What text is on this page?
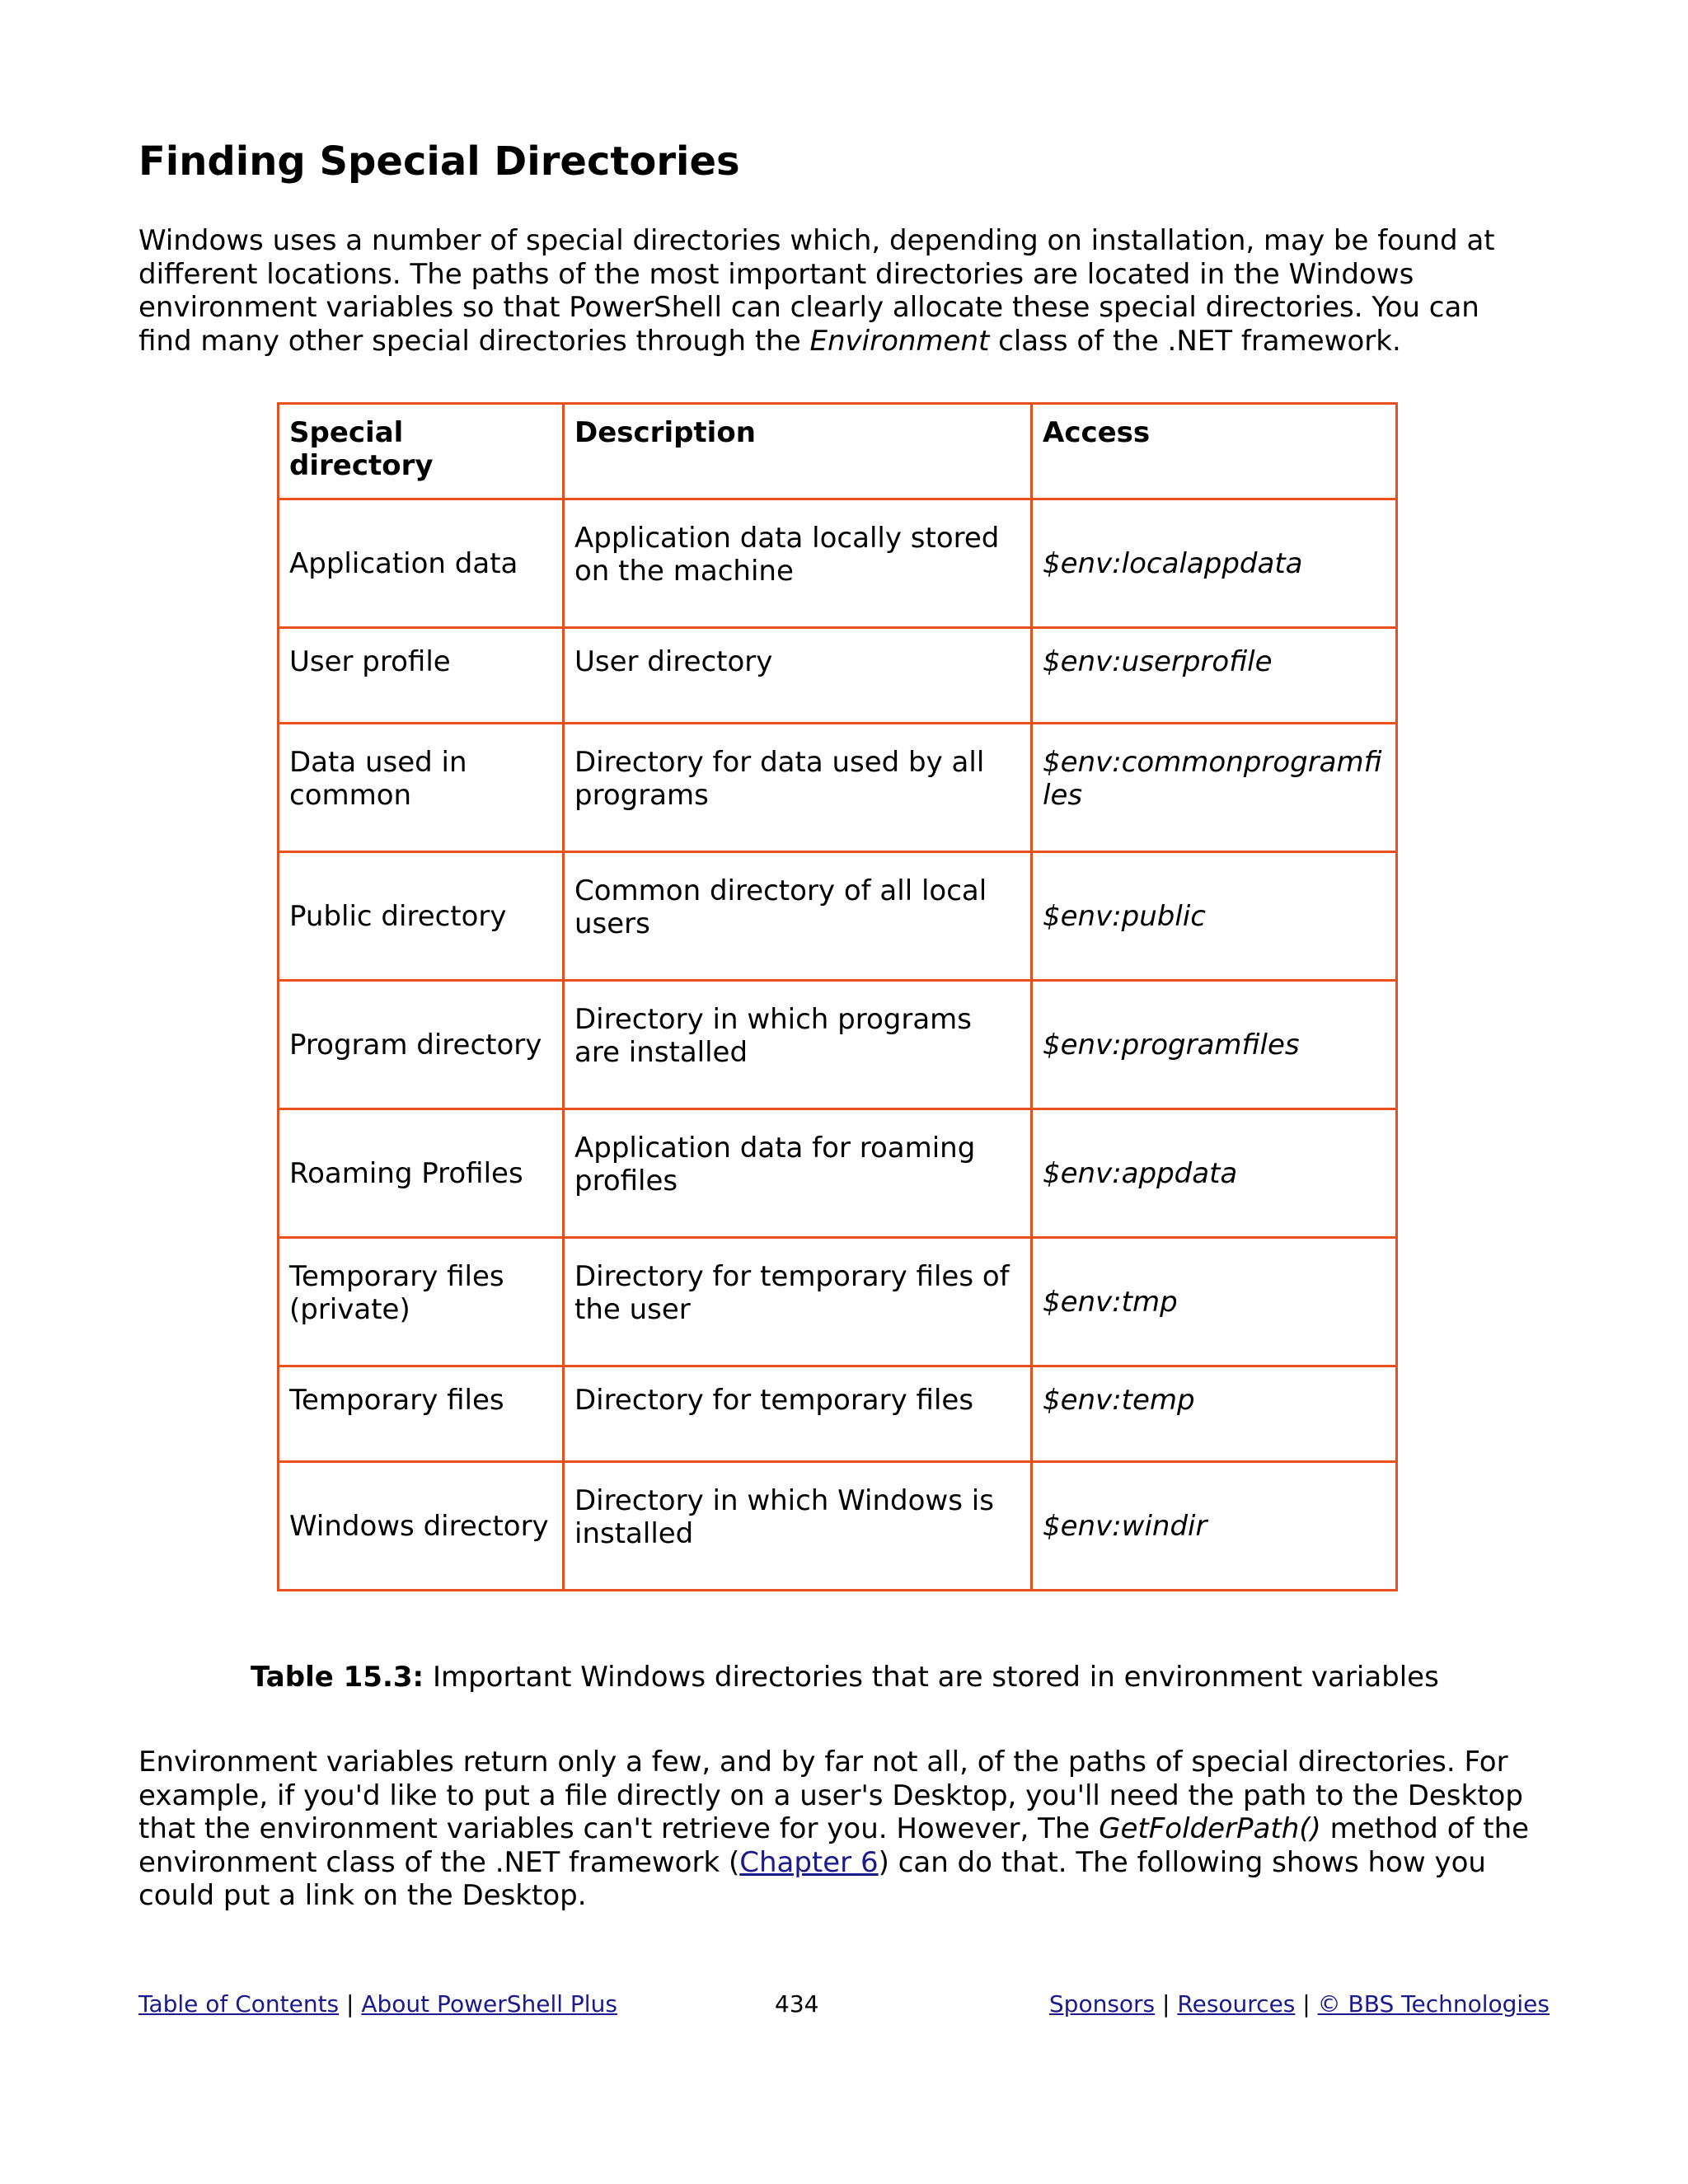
Finding Special Directories

Windows uses a number of special directories which, depending on installation, may be found at different locations. The paths of the most important directories are located in the Windows environment variables so that PowerShell can clearly allocate these special directories. You can find many other special directories through the Environment class of the .NET framework.

Special directory	Description	Access
Application data	Application data locally stored on the machine	$env:localappdata
User profile	User directory	$env:userprofile
Data used in common	Directory for data used by all programs	$env:commonprogramfiles
Public directory	Common directory of all local users	$env:public
Program directory	Directory in which programs are installed	$env:programfiles
Roaming Profiles	Application data for roaming profiles	$env:appdata
Temporary files (private)	Directory for temporary files of the user	$env:tmp
Temporary files	Directory for temporary files	$env:temp
Windows directory	Directory in which Windows is installed	$env:windir
Table 15.3: Important Windows directories that are stored in environment variables

Environment variables return only a few, and by far not all, of the paths of special directories. For example, if you'd like to put a file directly on a user's Desktop, you'll need the path to the Desktop that the environment variables can't retrieve for you. However, The GetFolderPath() method of the environment class of the .NET framework (Chapter 6) can do that. The following shows how you could put a link on the Desktop.

Table of Contents | About PowerShell Plus	434	Sponsors | Resources | © BBS Technologies
